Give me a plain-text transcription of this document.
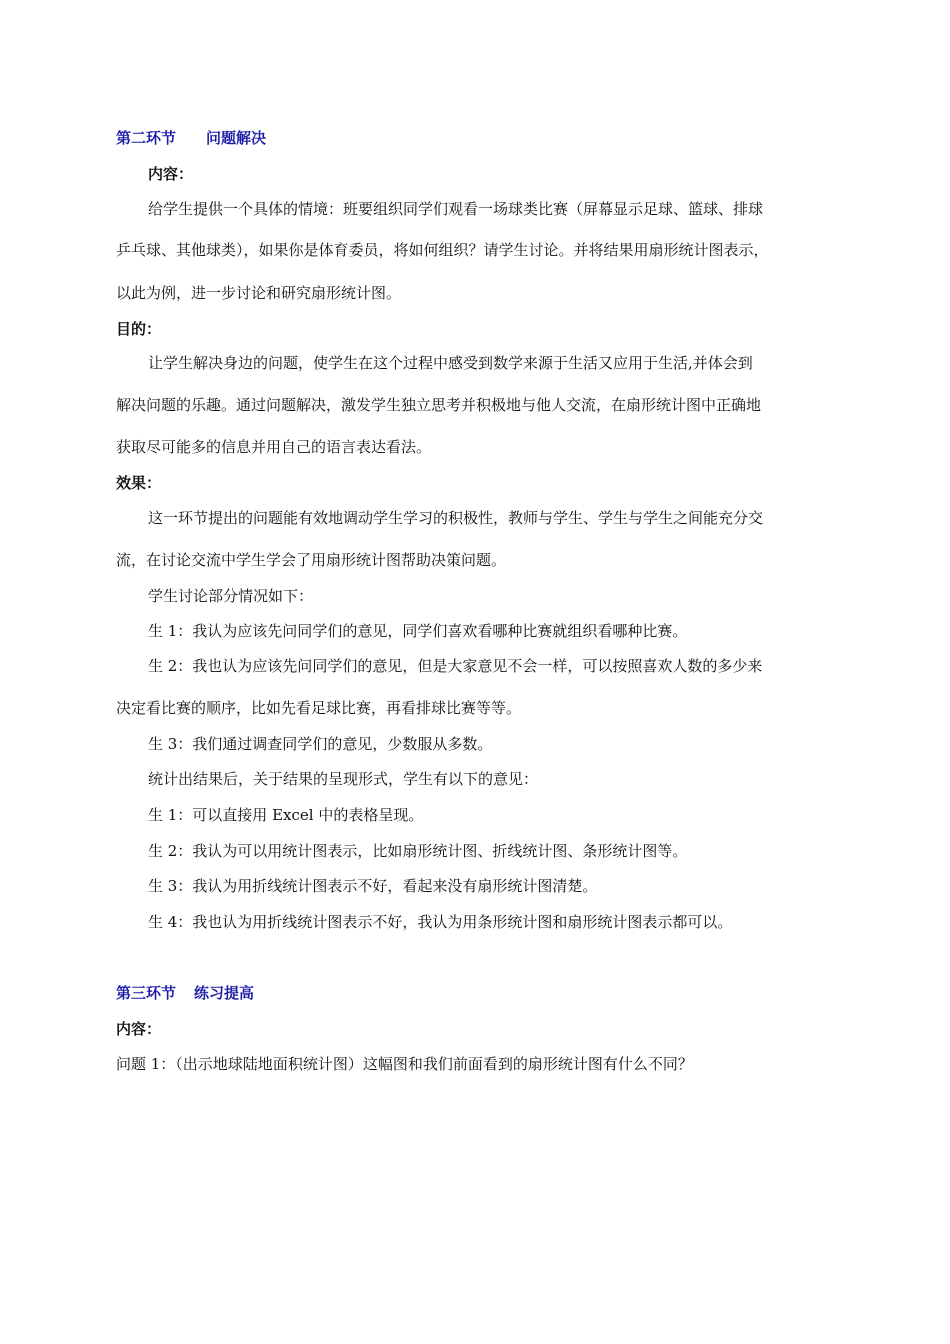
第二环节 问题解决
内容：
给学生提供一个具体的情境：班要组织同学们观看一场球类比赛（屏幕显示足球、篮球、排球
乒乓球、其他球类），如果你是体育委员，将如何组织？请学生讨论。并将结果用扇形统计图表示，
以此为例，进一步讨论和研究扇形统计图。
目的：
让学生解决身边的问题，使学生在这个过程中感受到数学来源于生活又应用于生活,并体会到
解决问题的乐趣。通过问题解决，激发学生独立思考并积极地与他人交流，在扇形统计图中正确地
获取尽可能多的信息并用自己的语言表达看法。
效果：
这一环节提出的问题能有效地调动学生学习的积极性，教师与学生、学生与学生之间能充分交
流，在讨论交流中学生学会了用扇形统计图帮助决策问题。
学生讨论部分情况如下：
生 1：我认为应该先问同学们的意见，同学们喜欢看哪种比赛就组织看哪种比赛。
生 2：我也认为应该先问同学们的意见，但是大家意见不会一样，可以按照喜欢人数的多少来
决定看比赛的顺序，比如先看足球比赛，再看排球比赛等等。
生 3：我们通过调查同学们的意见，少数服从多数。
统计出结果后，关于结果的呈现形式，学生有以下的意见：
生 1：可以直接用 Excel 中的表格呈现。
生 2：我认为可以用统计图表示，比如扇形统计图、折线统计图、条形统计图等。
生 3：我认为用折线统计图表示不好，看起来没有扇形统计图清楚。
生 4：我也认为用折线统计图表示不好，我认为用条形统计图和扇形统计图表示都可以。
第三环节 练习提高
内容：
问题 1：（出示地球陆地面积统计图）这幅图和我们前面看到的扇形统计图有什么不同？
